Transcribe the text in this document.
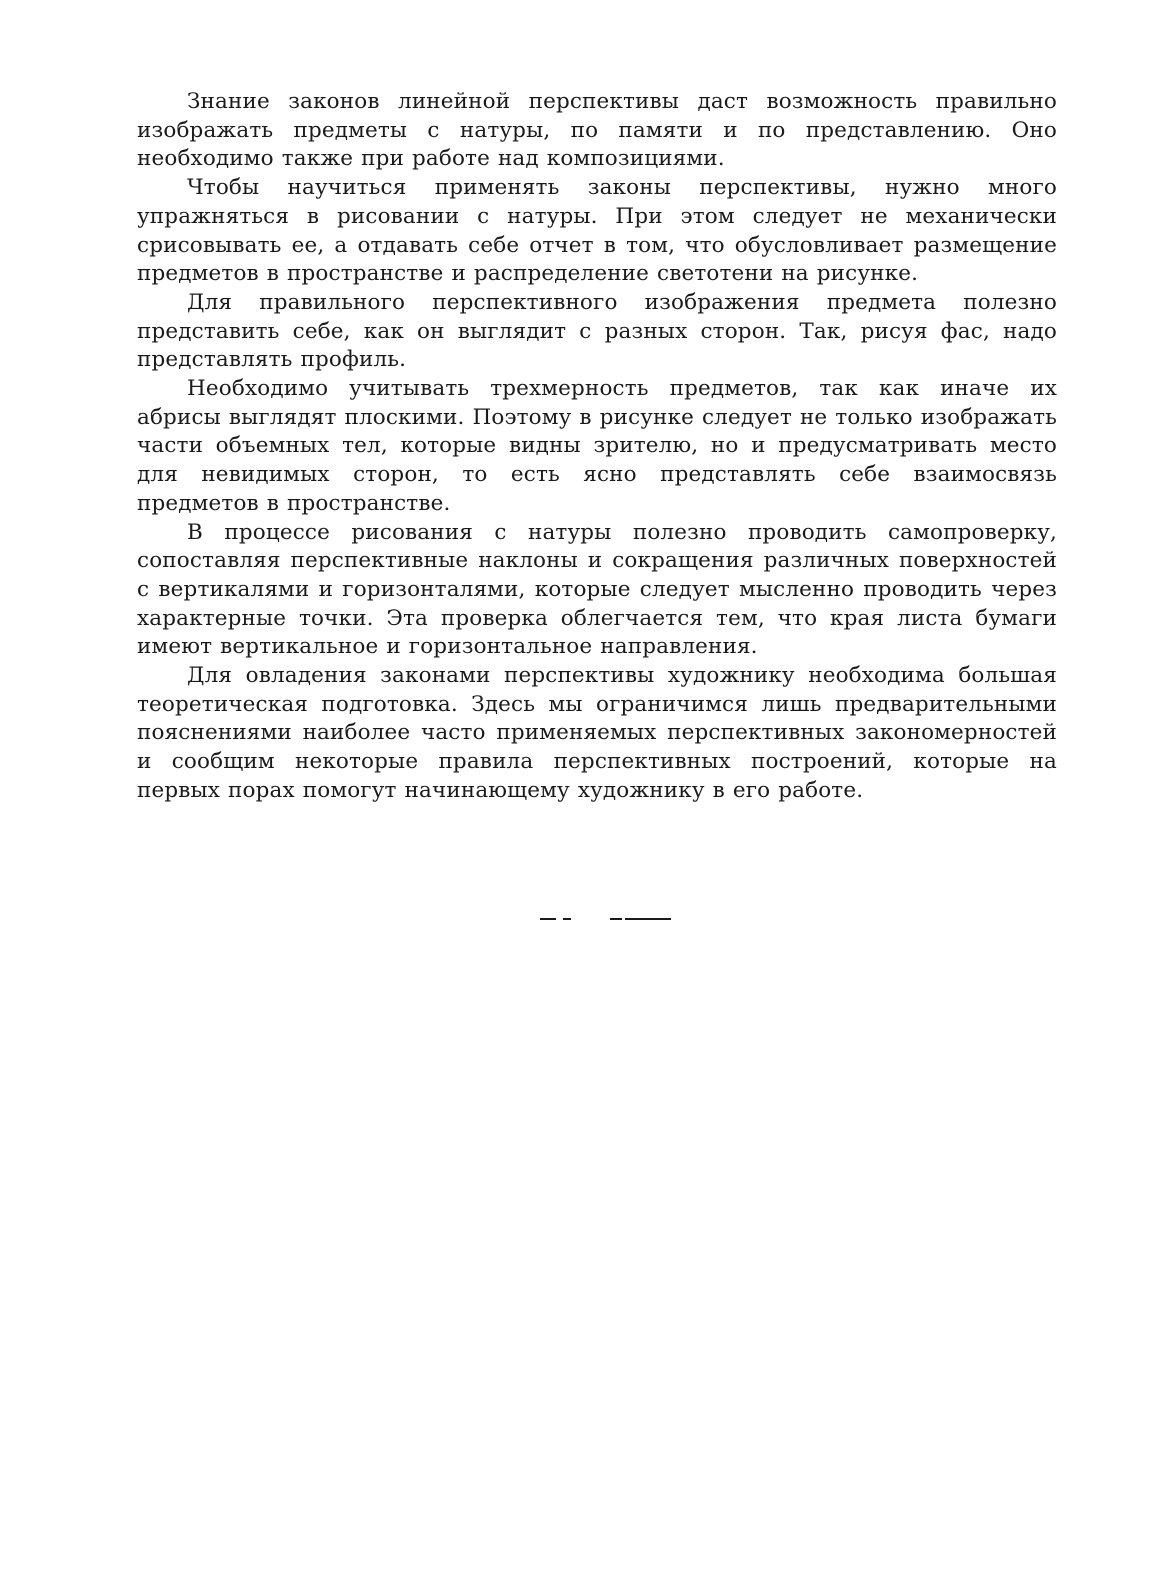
Знание законов линейной перспективы даст возможность правильно изображать предметы с натуры, по памяти и по представлению. Оно необходимо также при работе над композициями.

Чтобы научиться применять законы перспективы, нужно много упражняться в рисовании с натуры. При этом следует не механически срисовывать ее, а отдавать себе отчет в том, что обусловливает размещение предметов в пространстве и распределение светотени на рисунке.

Для правильного перспективного изображения предмета полезно представить себе, как он выглядит с разных сторон. Так, рисуя фас, надо представлять профиль.

Необходимо учитывать трехмерность предметов, так как иначе их абрисы выглядят плоскими. Поэтому в рисунке следует не только изображать части объемных тел, которые видны зрителю, но и предусматривать место для невидимых сторон, то есть ясно представлять себе взаимосвязь предметов в пространстве.

В процессе рисования с натуры полезно проводить самопроверку, сопоставляя перспективные наклоны и сокращения различных поверхностей с вертикалями и горизонталями, которые следует мысленно проводить через характерные точки. Эта проверка облегчается тем, что края листа бумаги имеют вертикальное и горизонтальное направления.

Для овладения законами перспективы художнику необходима большая теоретическая подготовка. Здесь мы ограничимся лишь предварительными пояснениями наиболее часто применяемых перспективных закономерностей и сообщим некоторые правила перспективных построений, которые на первых порах помогут начинающему художнику в его работе.
